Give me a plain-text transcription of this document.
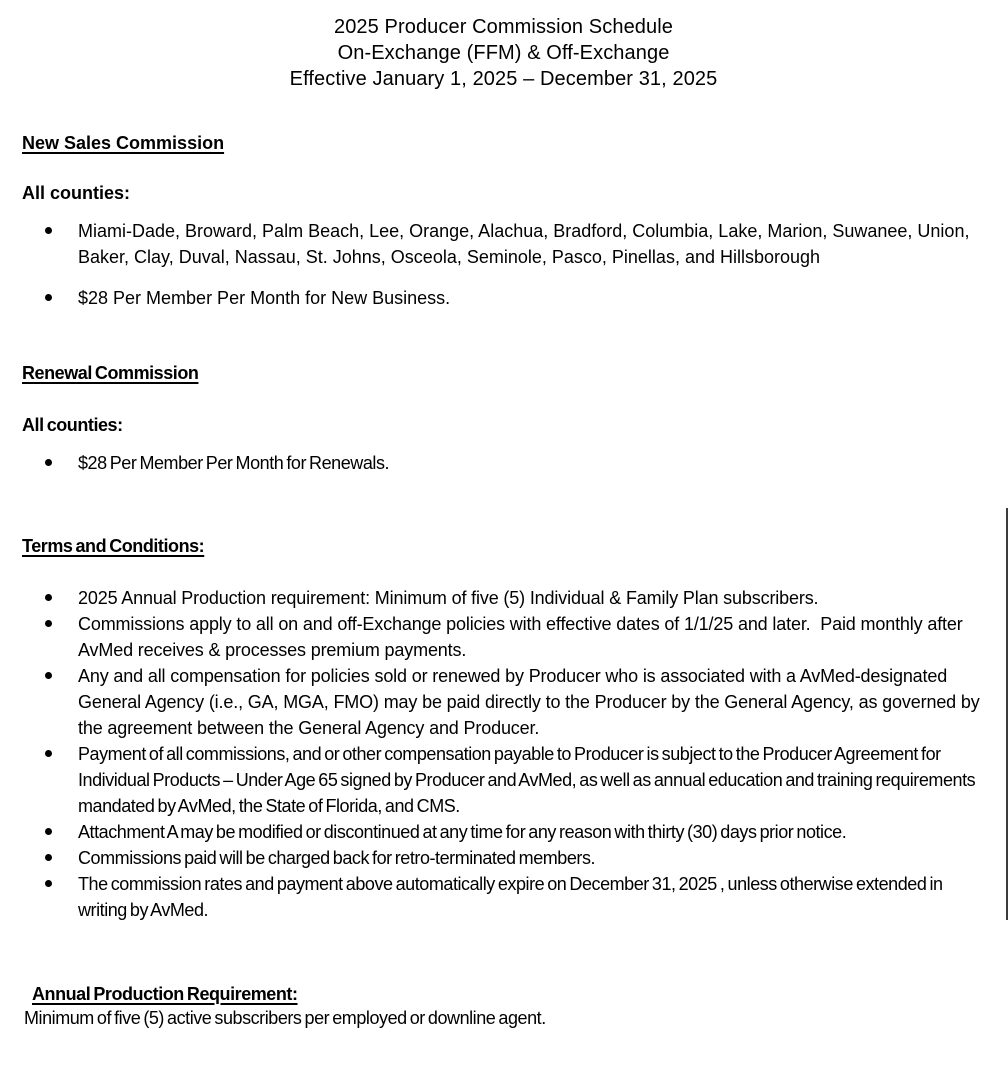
2025 Producer Commission Schedule
On-Exchange (FFM) & Off-Exchange
Effective January 1, 2025 – December 31, 2025
New Sales Commission
All counties:
Miami-Dade, Broward, Palm Beach, Lee, Orange, Alachua, Bradford, Columbia, Lake, Marion, Suwanee, Union, Baker, Clay, Duval, Nassau, St. Johns, Osceola, Seminole, Pasco, Pinellas, and Hillsborough
$28 Per Member Per Month for New Business.
Renewal Commission
All counties:
$28 Per Member Per Month for Renewals.
Terms and Conditions:
2025 Annual Production requirement: Minimum of five (5) Individual & Family Plan subscribers.
Commissions apply to all on and off-Exchange policies with effective dates of 1/1/25 and later.  Paid monthly after AvMed receives & processes premium payments.
Any and all compensation for policies sold or renewed by Producer who is associated with a AvMed-designated General Agency (i.e., GA, MGA, FMO) may be paid directly to the Producer by the General Agency, as governed by the agreement between the General Agency and Producer.
Payment of all commissions, and or other compensation payable to Producer is subject to the Producer Agreement for Individual Products – Under Age 65 signed by Producer and AvMed, as well as annual education and training requirements mandated by AvMed, the State of Florida, and CMS.
Attachment A may be modified or discontinued at any time for any reason with thirty (30) days prior notice.
Commissions paid will be charged back for retro-terminated members.
The commission rates and payment above automatically expire on December 31, 2025 , unless otherwise extended in writing by AvMed.
Annual Production Requirement:
Minimum of five (5) active subscribers per employed or downline agent.
